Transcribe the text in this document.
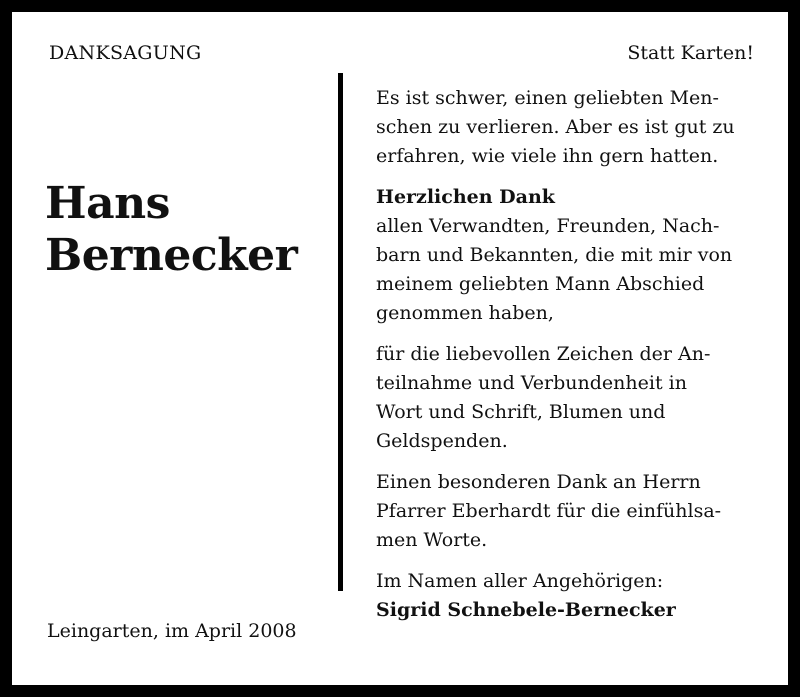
DANKSAGUNG	Statt Karten!
Hans
Bernecker

Es ist schwer, einen geliebten Men-
schen zu verlieren. Aber es ist gut zu
erfahren, wie viele ihn gern hatten.

Herzlichen Dank
allen Verwandten, Freunden, Nach-
barn und Bekannten, die mit mir von
meinem geliebten Mann Abschied
genommen haben,

für die liebevollen Zeichen der An-
teilnahme und Verbundenheit in
Wort und Schrift, Blumen und
Geldspenden.

Einen besonderen Dank an Herrn
Pfarrer Eberhardt für die einfühlsa-
men Worte.

Im Namen aller Angehörigen:

Sigrid Schnebele-Bernecker

Leingarten, im April 2008
